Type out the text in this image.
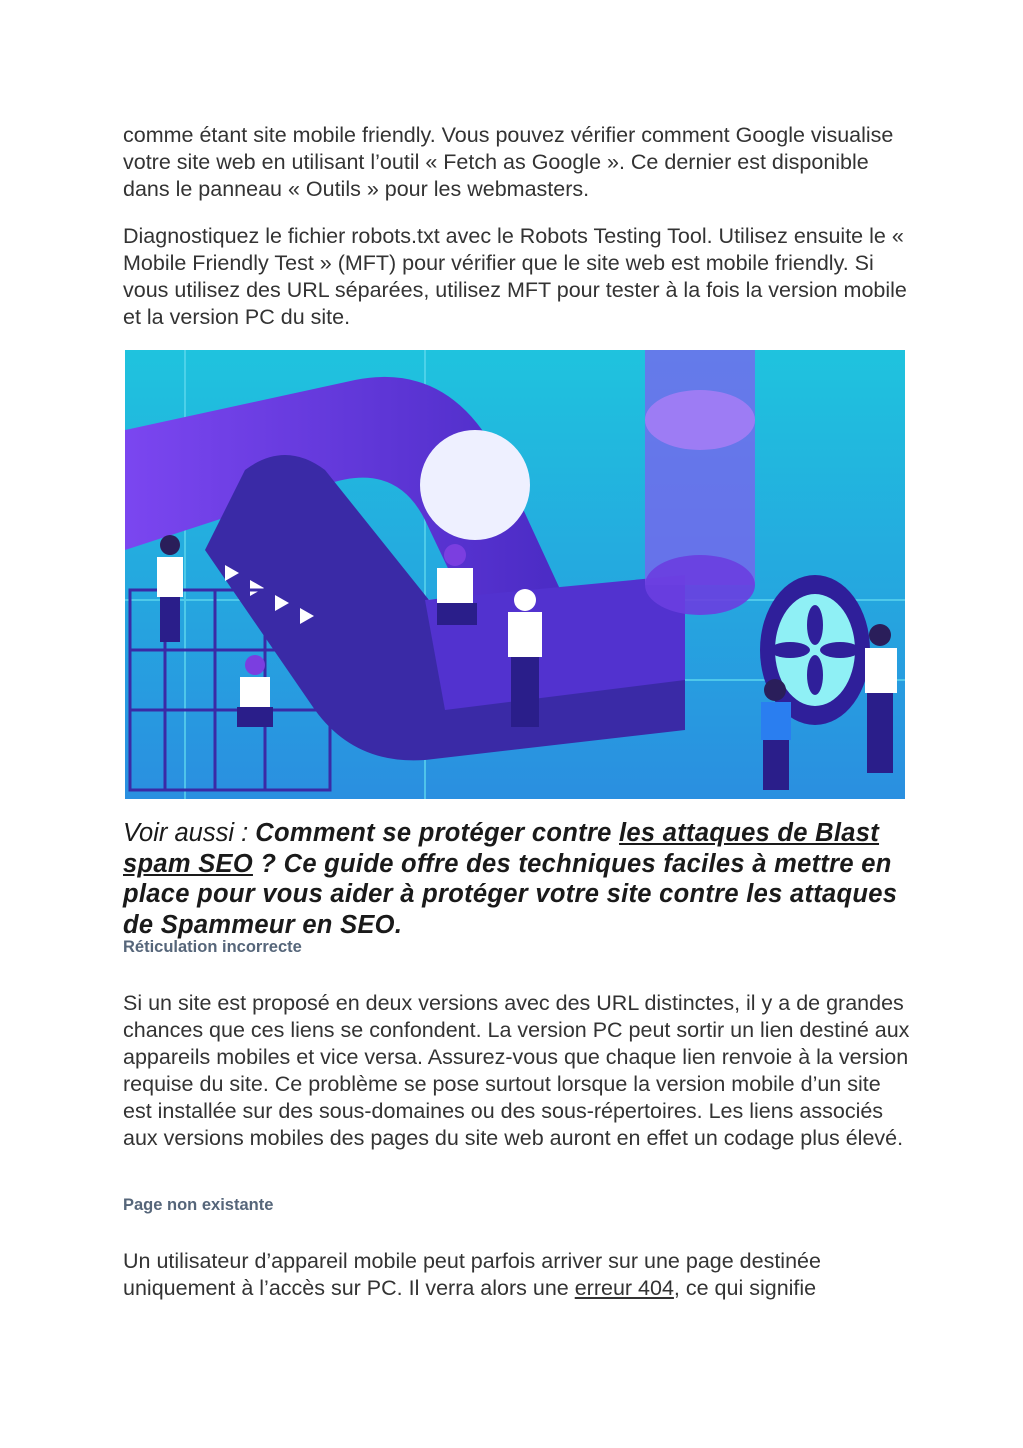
comme étant site mobile friendly. Vous pouvez vérifier comment Google visualise votre site web en utilisant l’outil « Fetch as Google ». Ce dernier est disponible dans le panneau « Outils » pour les webmasters.

Diagnostiquez le fichier robots.txt avec le Robots Testing Tool. Utilisez ensuite le « Mobile Friendly Test » (MFT) pour vérifier que le site web est mobile friendly. Si vous utilisez des URL séparées, utilisez MFT pour tester à la fois la version mobile et la version PC du site.

Voir aussi : Comment se protéger contre les attaques de Blast spam SEO ? Ce guide offre des techniques faciles à mettre en place pour vous aider à protéger votre site contre les attaques de Spammeur en SEO.

Réticulation incorrecte

Si un site est proposé en deux versions avec des URL distinctes, il y a de grandes chances que ces liens se confondent. La version PC peut sortir un lien destiné aux appareils mobiles et vice versa. Assurez-vous que chaque lien renvoie à la version requise du site. Ce problème se pose surtout lorsque la version mobile d’un site est installée sur des sous-domaines ou des sous-répertoires. Les liens associés aux versions mobiles des pages du site web auront en effet un codage plus élevé.

Page non existante

Un utilisateur d’appareil mobile peut parfois arriver sur une page destinée uniquement à l’accès sur PC. Il verra alors une erreur 404, ce qui signifie
